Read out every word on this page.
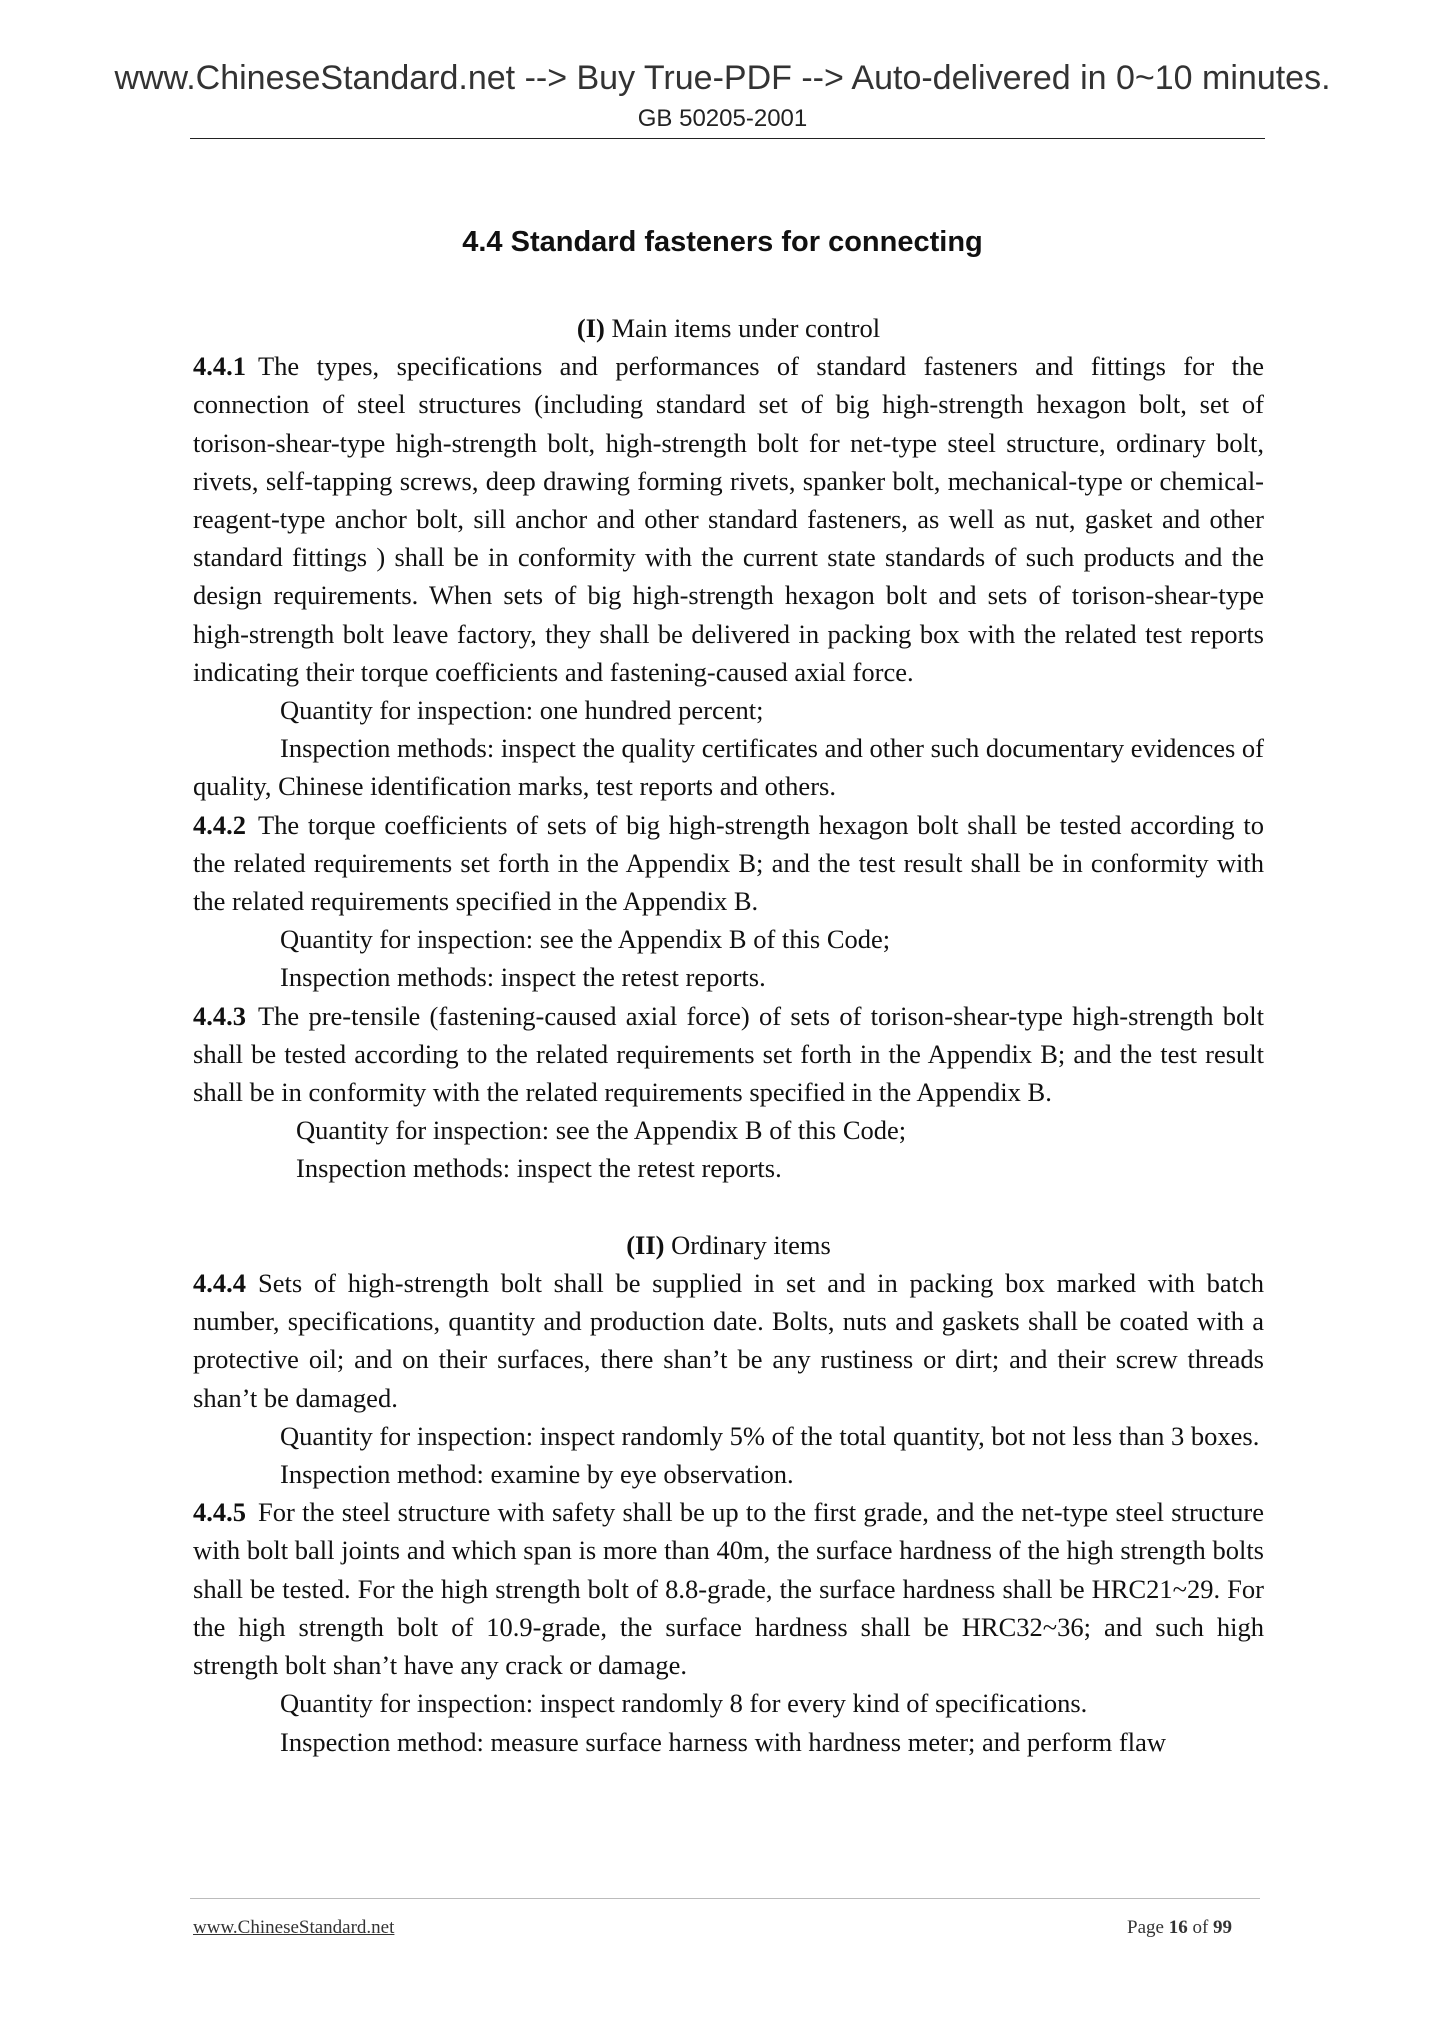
www.ChineseStandard.net --> Buy True-PDF --> Auto-delivered in 0~10 minutes.
GB 50205-2001
4.4 Standard fasteners for connecting

(I) Main items under control

4.4.1 The types, specifications and performances of standard fasteners and fittings for the connection of steel structures (including standard set of big high-strength hexagon bolt, set of torison-shear-type high-strength bolt, high-strength bolt for net-type steel structure, ordinary bolt, rivets, self-tapping screws, deep drawing forming rivets, spanker bolt, mechanical-type or chemical-reagent-type anchor bolt, sill anchor and other standard fasteners, as well as nut, gasket and other standard fittings ) shall be in conformity with the current state standards of such products and the design requirements. When sets of big high-strength hexagon bolt and sets of torison-shear-type high-strength bolt leave factory, they shall be delivered in packing box with the related test reports indicating their torque coefficients and fastening-caused axial force.

Quantity for inspection: one hundred percent;

Inspection methods: inspect the quality certificates and other such documentary evidences of quality, Chinese identification marks, test reports and others.

4.4.2 The torque coefficients of sets of big high-strength hexagon bolt shall be tested according to the related requirements set forth in the Appendix B; and the test result shall be in conformity with the related requirements specified in the Appendix B.

Quantity for inspection: see the Appendix B of this Code;

Inspection methods: inspect the retest reports.

4.4.3 The pre-tensile (fastening-caused axial force) of sets of torison-shear-type high-strength bolt shall be tested according to the related requirements set forth in the Appendix B; and the test result shall be in conformity with the related requirements specified in the Appendix B.

Quantity for inspection: see the Appendix B of this Code;

Inspection methods: inspect the retest reports.

(II) Ordinary items

4.4.4 Sets of high-strength bolt shall be supplied in set and in packing box marked with batch number, specifications, quantity and production date. Bolts, nuts and gaskets shall be coated with a protective oil; and on their surfaces, there shan’t be any rustiness or dirt; and their screw threads shan’t be damaged.

Quantity for inspection: inspect randomly 5% of the total quantity, bot not less than 3 boxes.

Inspection method: examine by eye observation.

4.4.5 For the steel structure with safety shall be up to the first grade, and the net-type steel structure with bolt ball joints and which span is more than 40m, the surface hardness of the high strength bolts shall be tested. For the high strength bolt of 8.8-grade, the surface hardness shall be HRC21~29. For the high strength bolt of 10.9-grade, the surface hardness shall be HRC32~36; and such high strength bolt shan’t have any crack or damage.

Quantity for inspection: inspect randomly 8 for every kind of specifications.

Inspection method: measure surface harness with hardness meter; and perform flaw

www.ChineseStandard.net	Page 16 of 99
